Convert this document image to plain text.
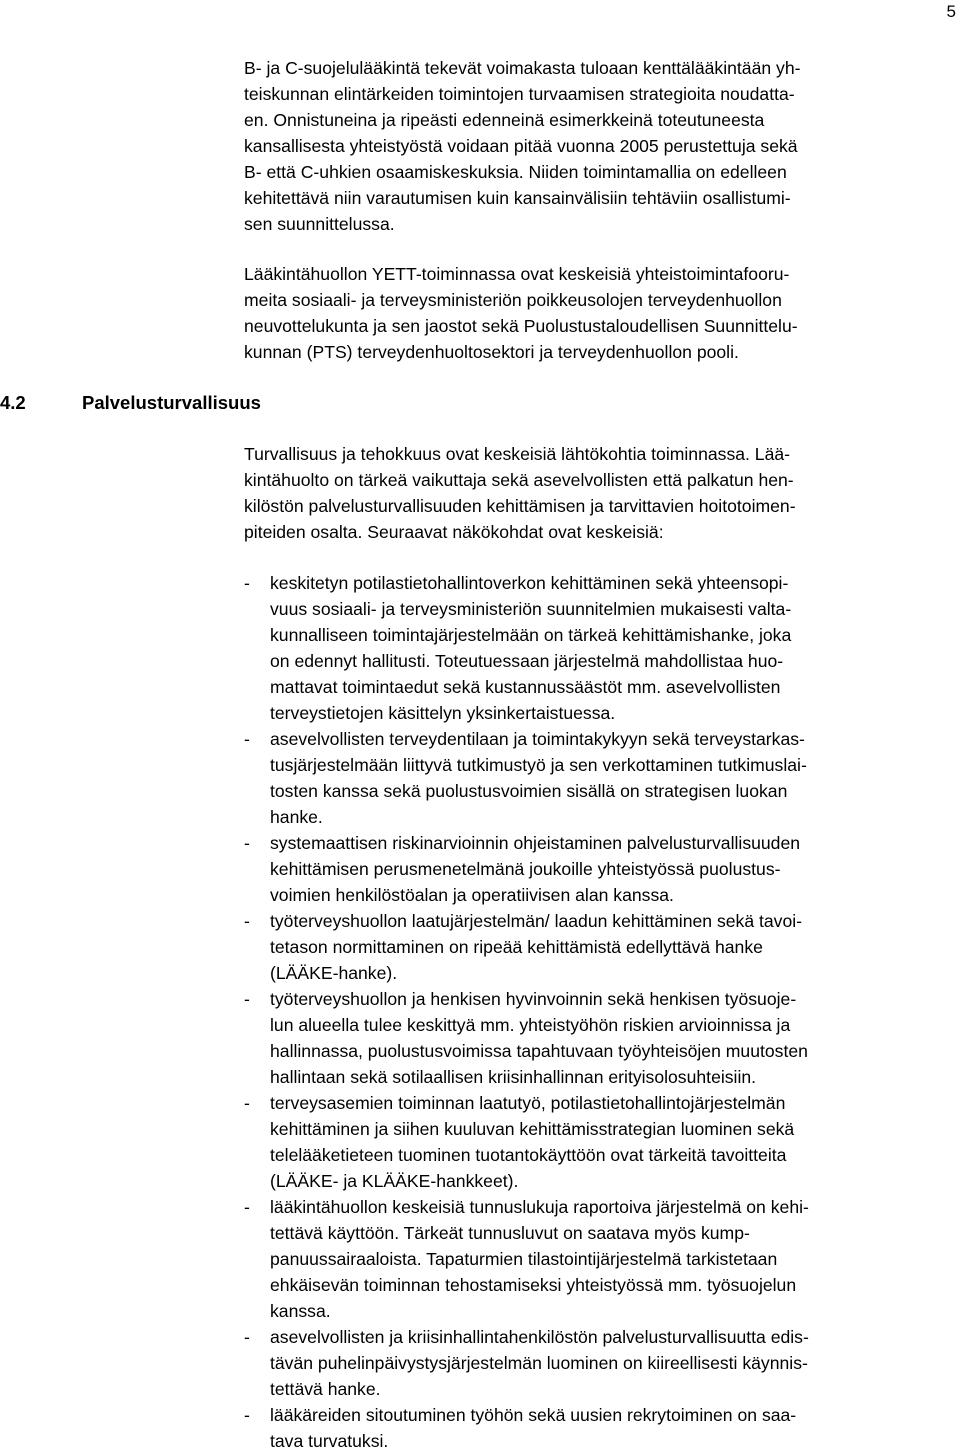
5
4.2	Palvelusturvallisuus
B- ja C-suojelulääkintä tekevät voimakasta tuloaan kenttälääkintään yh-
teiskunnan elintärkeiden toimintojen turvaamisen strategioita noudatta-
en. Onnistuneina ja ripeästi edenneinä esimerkkeinä toteutuneesta
kansallisesta yhteistyöstä voidaan pitää vuonna 2005 perustettuja sekä
B- että C-uhkien osaamiskeskuksia. Niiden toimintamallia on edelleen
kehitettävä niin varautumisen kuin kansainvälisiin tehtäviin osallistumi-
sen suunnittelussa.
Lääkintähuollon YETT-toiminnassa ovat keskeisiä yhteistoimintafooru-
meita sosiaali- ja terveysministeriön poikkeusolojen terveydenhuollon
neuvottelukunta ja sen jaostot sekä Puolustustaloudellisen Suunnittelu-
kunnan (PTS) terveydenhuoltosektori ja terveydenhuollon pooli.
Turvallisuus ja tehokkuus ovat keskeisiä lähtökohtia toiminnassa. Lää-
kintähuolto on tärkeä vaikuttaja sekä asevelvollisten että palkatun hen-
kilöstön palvelusturvallisuuden kehittämisen ja tarvittavien hoitotoimen-
piteiden osalta. Seuraavat näkökohdat ovat keskeisiä:
- keskitetyn potilastietohallintoverkon kehittäminen sekä yhteensopi-
vuus sosiaali- ja terveysministeriön suunnitelmien mukaisesti valta-
kunnalliseen toimintajärjestelmään on tärkeä kehittämishanke, joka
on edennyt hallitusti. Toteutuessaan järjestelmä mahdollistaa huo-
mattavat toimintaedut sekä kustannussäästöt mm. asevelvollisten
terveystietojen käsittelyn yksinkertaistuessa.
- asevelvollisten terveydentilaan ja toimintakykyyn sekä terveystarkas-
tusjärjestelmään liittyvä tutkimustyö ja sen verkottaminen tutkimuslai-
tosten kanssa sekä puolustusvoimien sisällä on strategisen luokan
hanke.
- systemaattisen riskinarvioinnin ohjeistaminen palvelusturvallisuuden
kehittämisen perusmenetelmänä joukoille yhteistyössä puolustus-
voimien henkilöstöalan ja operatiivisen alan kanssa.
- työterveyshuollon laatujärjestelmän/ laadun kehittäminen sekä tavoi-
tetason normittaminen on ripeää kehittämistä edellyttävä hanke
(LÄÄKE-hanke).
- työterveyshuollon ja henkisen hyvinvoinnin sekä henkisen työsuoje-
lun alueella tulee keskittyä mm. yhteistyöhön riskien arvioinnissa ja
hallinnassa, puolustusvoimissa tapahtuvaan työyhteisöjen muutosten
hallintaan sekä sotilaallisen kriisinhallinnan erityisolosuhteisiin.
- terveysasemien toiminnan laatutyö, potilastietohallintojärjestelmän
kehittäminen ja siihen kuuluvan kehittämisstrategian luominen sekä
telelääketieteen tuominen tuotantokäyttöön ovat tärkeitä tavoitteita
(LÄÄKE- ja KLÄÄKE-hankkeet).
- lääkintähuollon keskeisiä tunnuslukuja raportoiva järjestelmä on kehi-
tettävä käyttöön. Tärkeät tunnusluvut on saatava myös kump-
panuussairaaloista. Tapaturmien tilastointijärjestelmä tarkistetaan
ehkäisevän toiminnan tehostamiseksi yhteistyössä mm. työsuojelun
kanssa.
- asevelvollisten ja kriisinhallintahenkilöstön palvelusturvallisuutta edis-
tävän puhelinpäivystysjärjestelmän luominen on kiireellisesti käynnis-
tettävä hanke.
- lääkäreiden sitoutuminen työhön sekä uusien rekrytoiminen on saa-
tava turvatuksi.
